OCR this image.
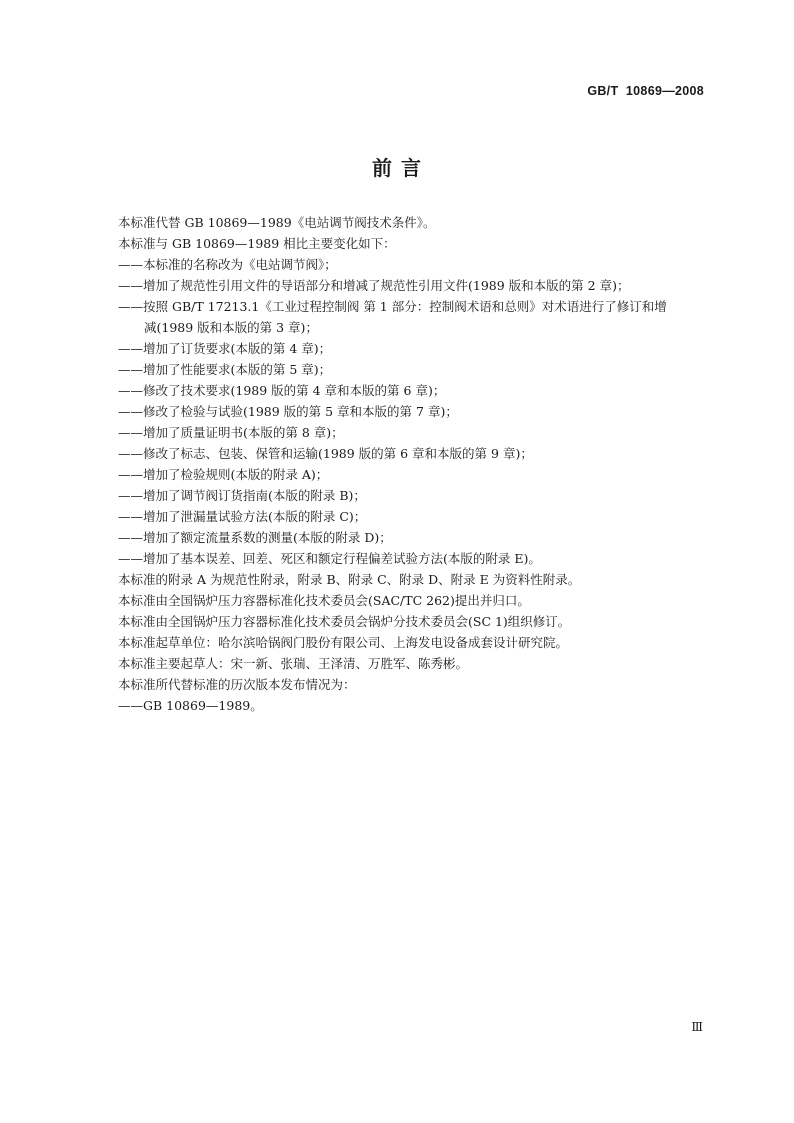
GB/T  10869—2008
前 言
本标准代替 GB 10869—1989《电站调节阀技术条件》。
本标准与 GB 10869—1989 相比主要变化如下：
——本标准的名称改为《电站调节阀》；
——增加了规范性引用文件的导语部分和增减了规范性引用文件(1989 版和本版的第 2 章)；
——按照 GB/T 17213.1《工业过程控制阀 第 1 部分：控制阀术语和总则》对术语进行了修订和增
减(1989 版和本版的第 3 章)；
——增加了订货要求(本版的第 4 章)；
——增加了性能要求(本版的第 5 章)；
——修改了技术要求(1989 版的第 4 章和本版的第 6 章)；
——修改了检验与试验(1989 版的第 5 章和本版的第 7 章)；
——增加了质量证明书(本版的第 8 章)；
——修改了标志、包装、保管和运输(1989 版的第 6 章和本版的第 9 章)；
——增加了检验规则(本版的附录 A)；
——增加了调节阀订货指南(本版的附录 B)；
——增加了泄漏量试验方法(本版的附录 C)；
——增加了额定流量系数的测量(本版的附录 D)；
——增加了基本误差、回差、死区和额定行程偏差试验方法(本版的附录 E)。
本标准的附录 A 为规范性附录，附录 B、附录 C、附录 D、附录 E 为资料性附录。
本标准由全国锅炉压力容器标准化技术委员会(SAC/TC 262)提出并归口。
本标准由全国锅炉压力容器标准化技术委员会锅炉分技术委员会(SC 1)组织修订。
本标准起草单位：哈尔滨哈锅阀门股份有限公司、上海发电设备成套设计研究院。
本标准主要起草人：宋一新、张瑞、王泽清、万胜军、陈秀彬。
本标准所代替标准的历次版本发布情况为：
——GB 10869—1989。
Ⅲ
